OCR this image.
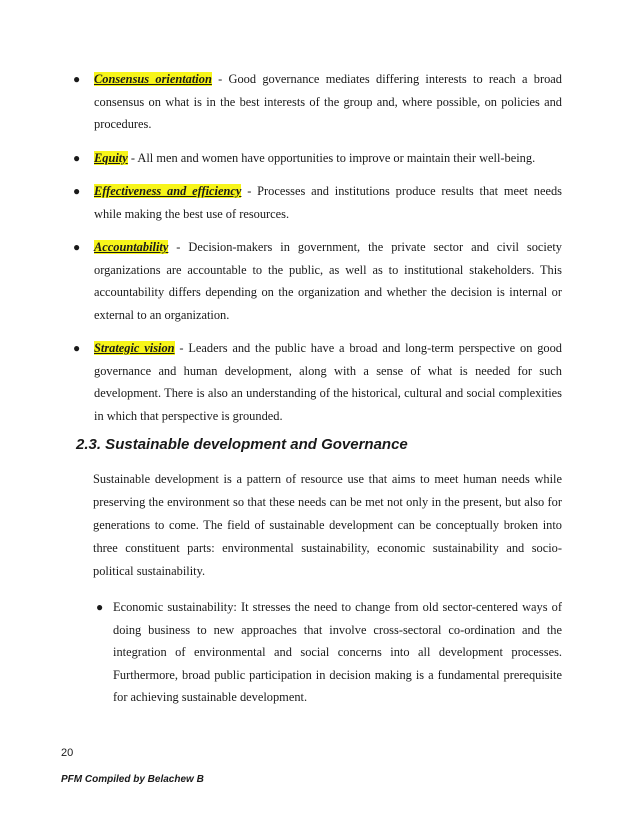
● Consensus orientation - Good governance mediates differing interests to reach a broad consensus on what is in the best interests of the group and, where possible, on policies and procedures.
● Equity - All men and women have opportunities to improve or maintain their well-being.
● Effectiveness and efficiency - Processes and institutions produce results that meet needs while making the best use of resources.
● Accountability - Decision-makers in government, the private sector and civil society organizations are accountable to the public, as well as to institutional stakeholders. This accountability differs depending on the organization and whether the decision is internal or external to an organization.
● Strategic vision - Leaders and the public have a broad and long-term perspective on good governance and human development, along with a sense of what is needed for such development. There is also an understanding of the historical, cultural and social complexities in which that perspective is grounded.
2.3. Sustainable development and Governance

Sustainable development is a pattern of resource use that aims to meet human needs while preserving the environment so that these needs can be met not only in the present, but also for generations to come. The field of sustainable development can be conceptually broken into three constituent parts: environmental sustainability, economic sustainability and socio-political sustainability.

● Economic sustainability: It stresses the need to change from old sector-centered ways of doing business to new approaches that involve cross-sectoral co-ordination and the integration of environmental and social concerns into all development processes. Furthermore, broad public participation in decision making is a fundamental prerequisite for achieving sustainable development.
20
PFM Compiled by Belachew B
